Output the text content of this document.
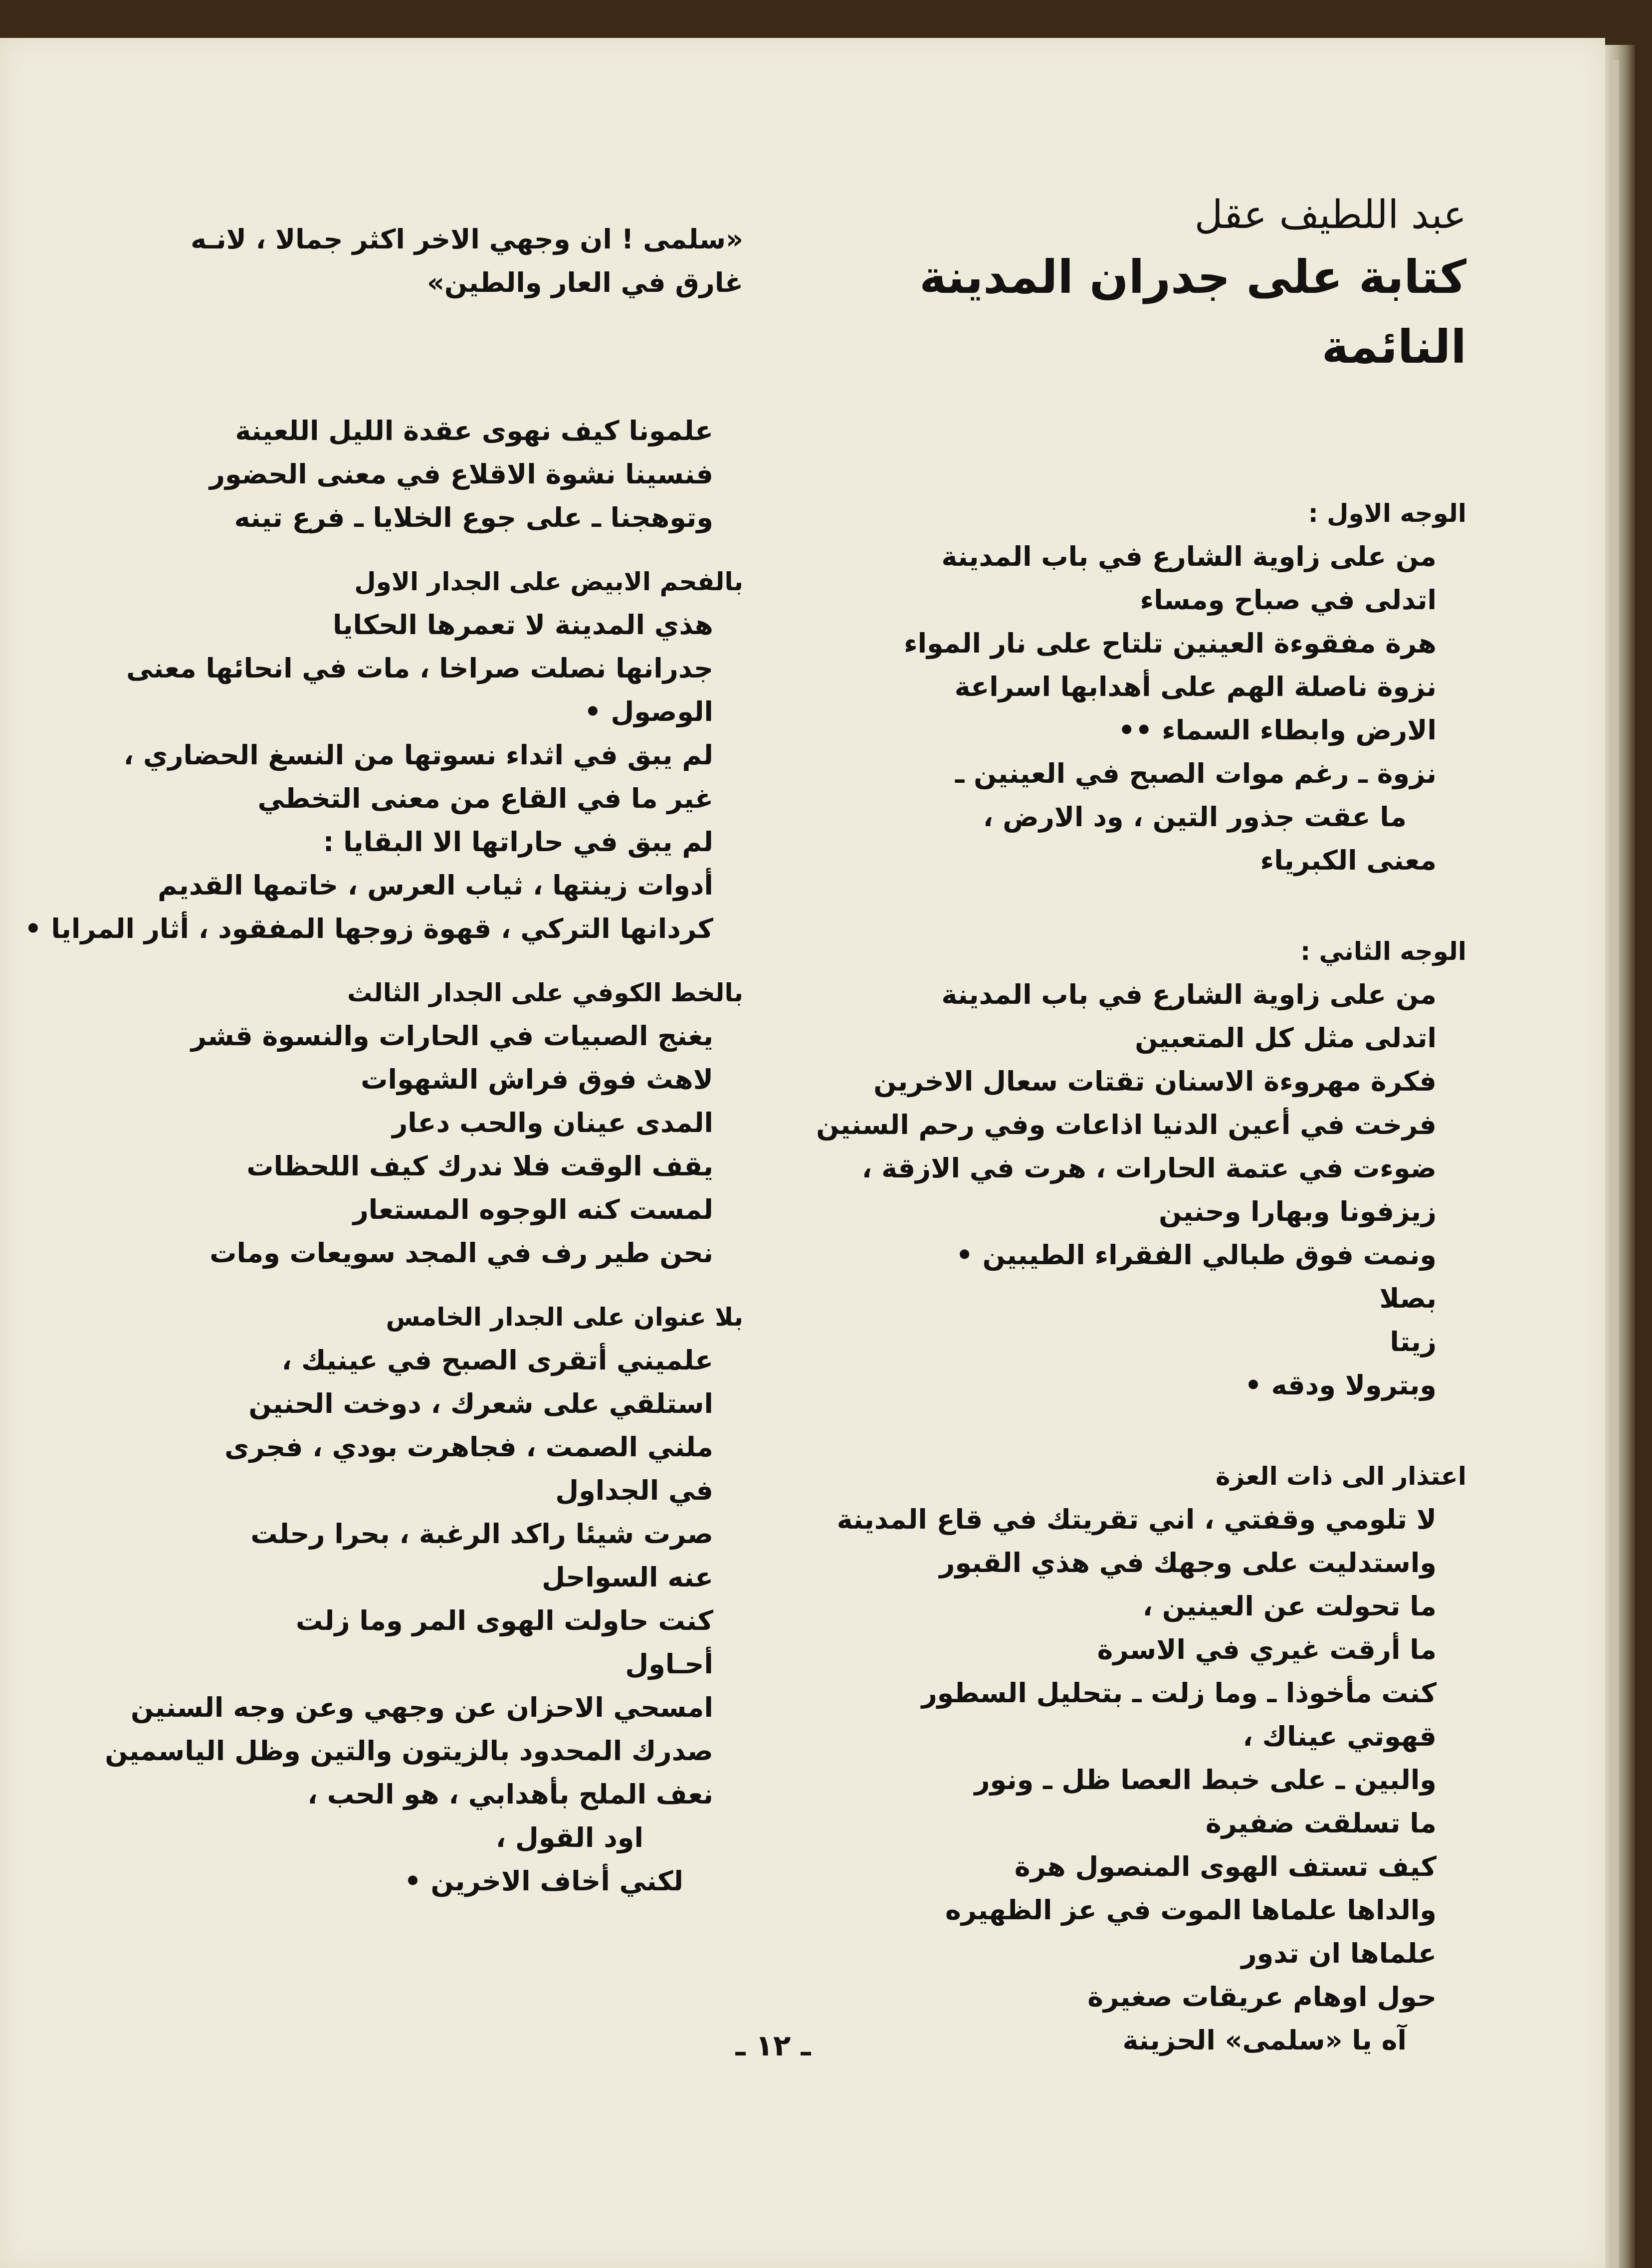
عبد اللطيف عقل
كتابة على جدران المدينة النائمة
الوجه الاول :
من على زاوية الشارع في باب المدينة
اتدلى في صباح ومساء
هرة مفقوءة العينين تلتاح على نار المواء
نزوة ناصلة الهم على أهدابها اسراعة
الارض وابطاء السماء ••
نزوة ـ رغم موات الصبح في العينين ـ
ما عقت جذور التين ، ود الارض ،
معنى الكبرياء
الوجه الثاني :
من على زاوية الشارع في باب المدينة
اتدلى مثل كل المتعبين
فكرة مهروءة الاسنان تقتات سعال الاخرين
فرخت في أعين الدنيا اذاعات وفي رحم السنين
ضوءت في عتمة الحارات ، هرت في الازقة ،
زيزفونا وبهارا وحنين
ونمت فوق طبالي الفقراء الطيبين •
بصلا
زيتا
وبترولا ودقه •
اعتذار الى ذات العزة
لا تلومي وقفتي ، اني تقريتك في قاع المدينة
واستدليت على وجهك في هذي القبور
ما تحولت عن العينين ،
ما أرقت غيري في الاسرة
كنت مأخوذا ـ وما زلت ـ بتحليل السطور
قهوتي عيناك ،
والبين ـ على خبط العصا ظل ـ ونور
ما تسلقت ضفيرة
كيف تستف الهوى المنصول هرة
والداها علماها الموت في عز الظهيره
علماها ان تدور
حول اوهام عريقات صغيرة
آه يا «سلمى» الحزينة
«سلمى ! ان وجهي الاخر اكثر جمالا ، لانـه
غارق في العار والطين»
علمونا كيف نهوى عقدة الليل اللعينة
فنسينا نشوة الاقلاع في معنى الحضور
وتوهجنا ـ على جوع الخلايا ـ فرع تينه
بالفحم الابيض على الجدار الاول
هذي المدينة لا تعمرها الحكايا
جدرانها نصلت صراخا ، مات في انحائها معنى
الوصول •
لم يبق في اثداء نسوتها من النسغ الحضاري ،
غير ما في القاع من معنى التخطي
لم يبق في حاراتها الا البقايا :
أدوات زينتها ، ثياب العرس ، خاتمها القديم
كردانها التركي ، قهوة زوجها المفقود ، أثار المرايا •
بالخط الكوفي على الجدار الثالث
يغنج الصبيات في الحارات والنسوة قشر
لاهث فوق فراش الشهوات
المدى عينان والحب دعار
يقف الوقت فلا ندرك كيف اللحظات
لمست كنه الوجوه المستعار
نحن طير رف في المجد سويعات ومات
بلا عنوان على الجدار الخامس
علميني أتقرى الصبح في عينيك ،
استلقي على شعرك ، دوخت الحنين
ملني الصمت ، فجاهرت بودي ، فجرى
في الجداول
صرت شيئا راكد الرغبة ، بحرا رحلت
عنه السواحل
كنت حاولت الهوى المر وما زلت
أحـاول
امسحي الاحزان عن وجهي وعن وجه السنين
صدرك المحدود بالزيتون والتين وظل الياسمين
نعف الملح بأهدابي ، هو الحب ،
اود القول ،
لكني أخاف الاخرين •
ـ ١٢ ـ
